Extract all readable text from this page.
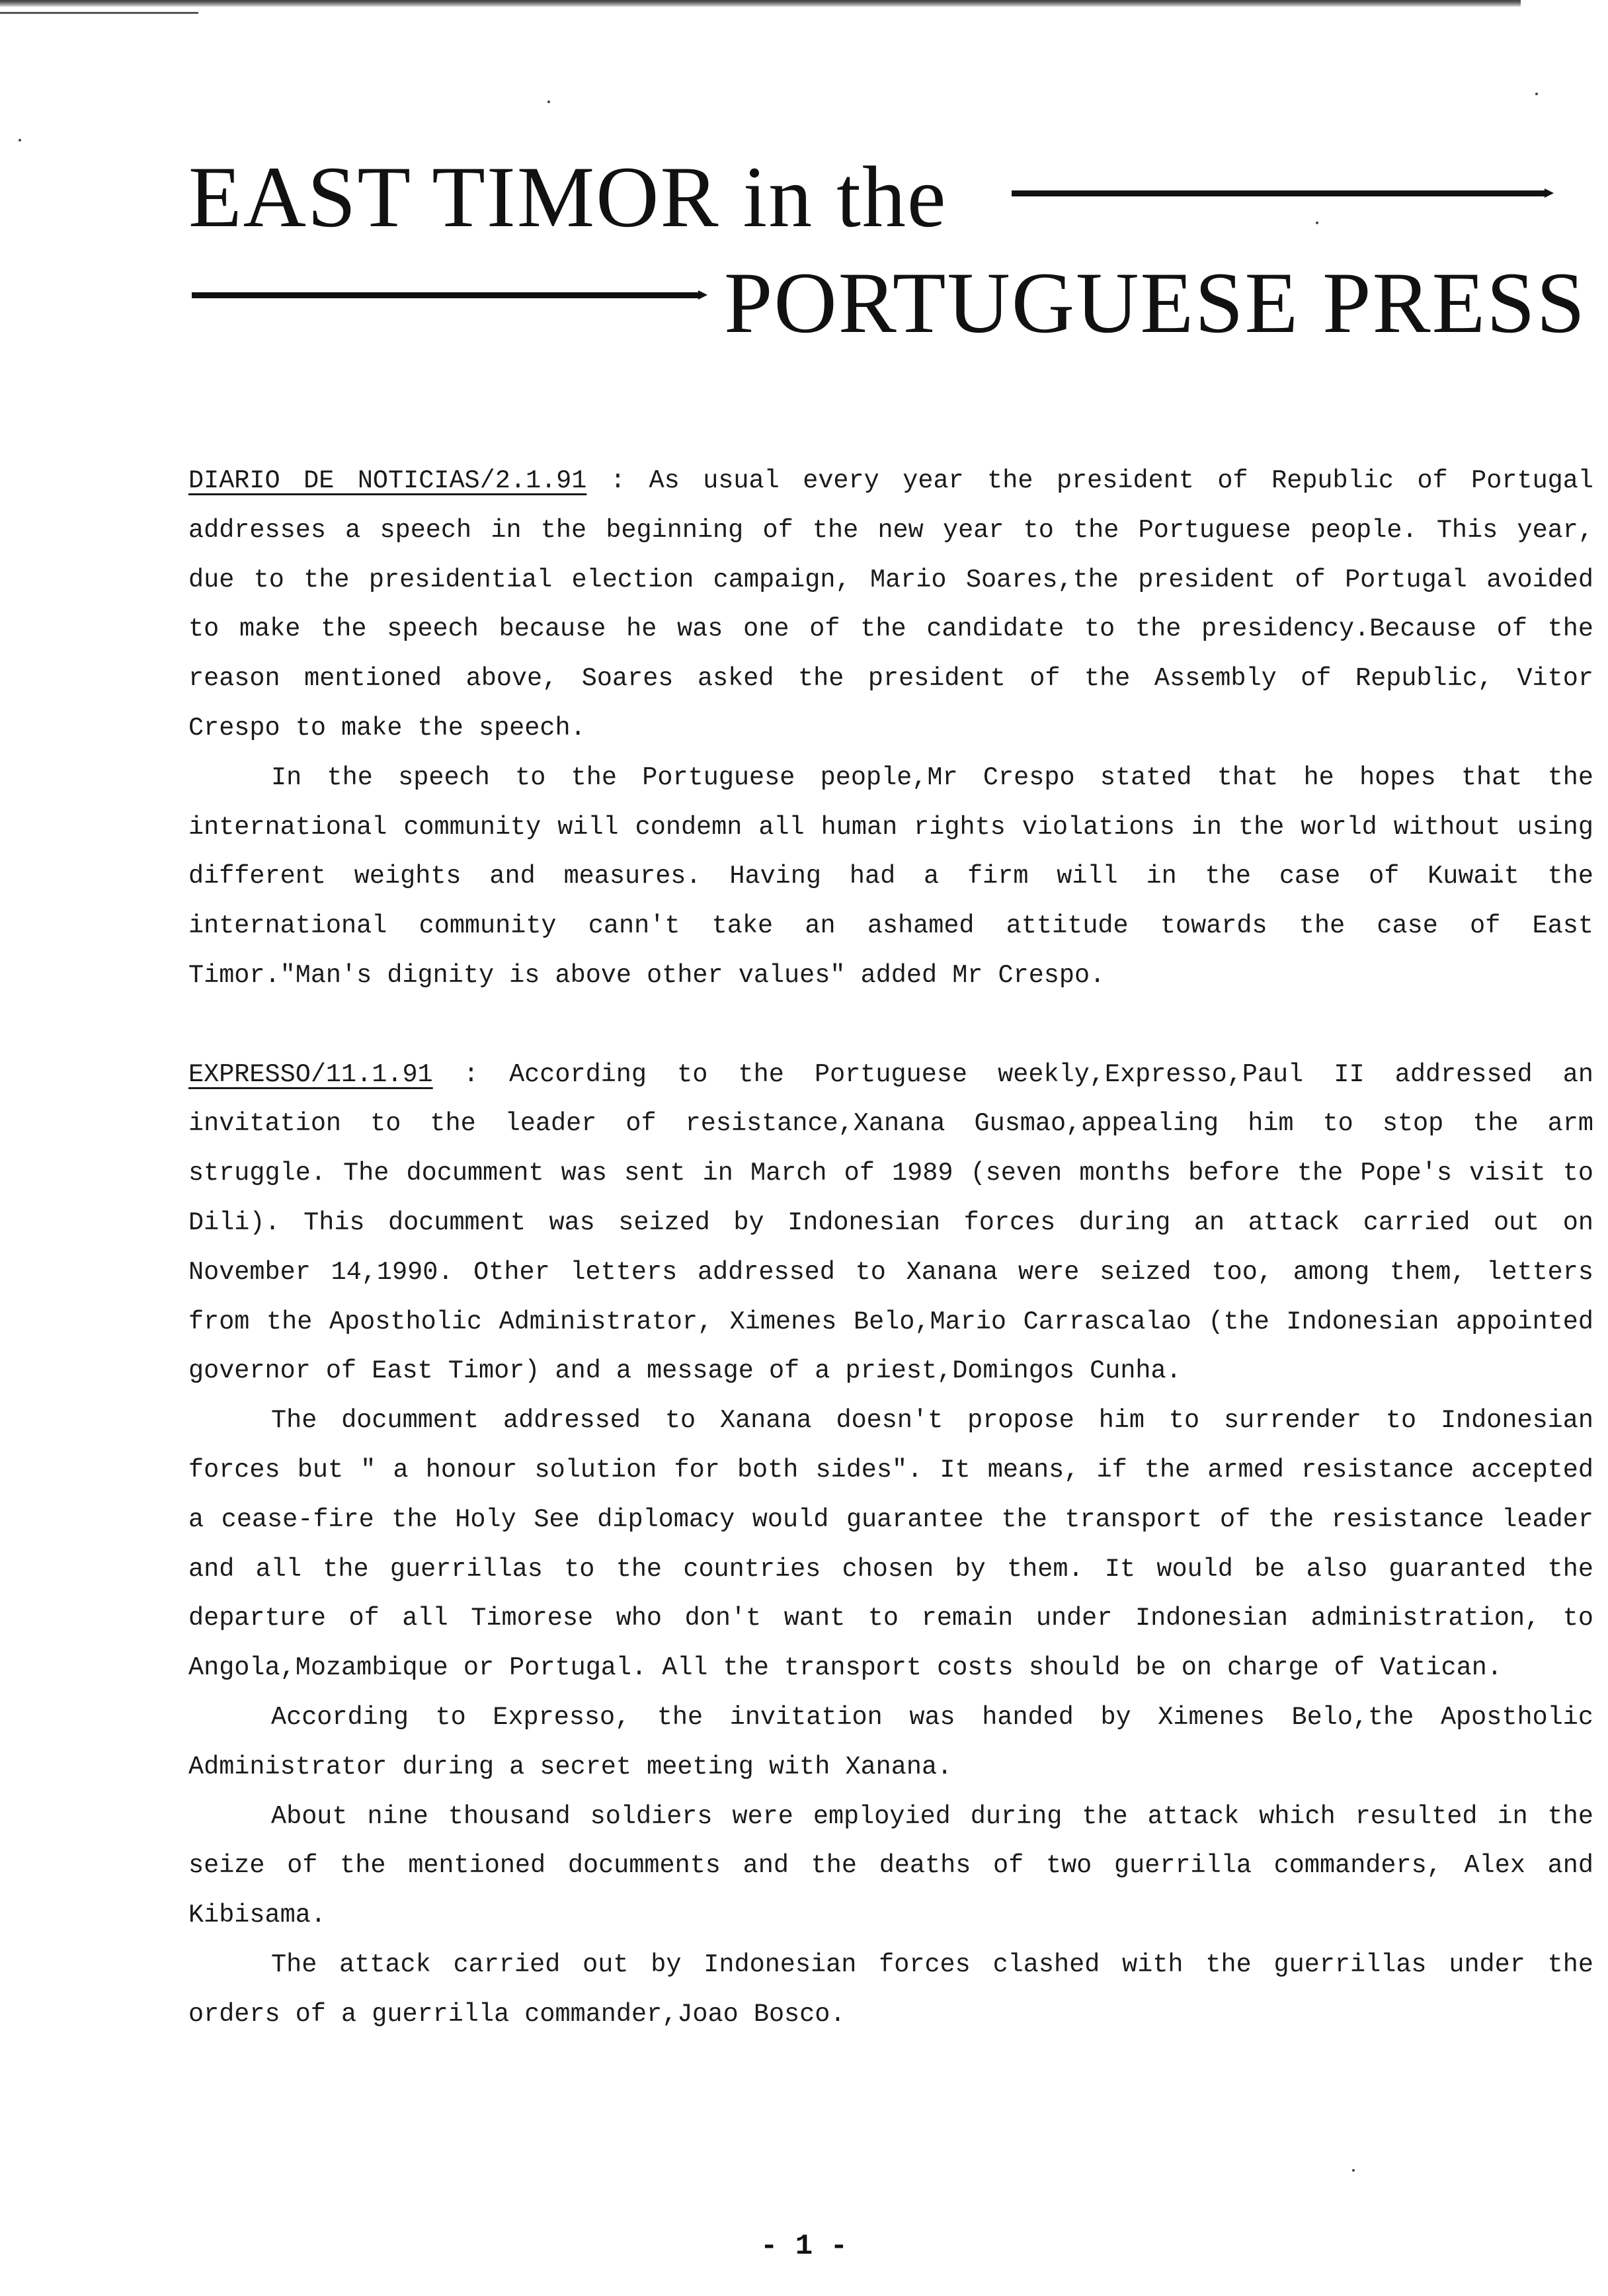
EAST TIMOR in the
PORTUGUESE PRESS

DIARIO DE NOTICIAS/2.1.91 : As usual every year the president of Republic of Portugal addresses a speech in the beginning of the new year to the Portuguese people. This year, due to the presidential election campaign, Mario Soares,the president of Portugal avoided to make the speech because he was one of the candidate to the presidency.Because of the reason mentioned above, Soares asked the president of the Assembly of Republic, Vitor Crespo to make the speech.

In the speech to the Portuguese people,Mr Crespo stated that he hopes that the international community will condemn all human rights violations in the world without using different weights and measures. Having had a firm will in the case of Kuwait the international community cann't take an ashamed attitude towards the case of East Timor."Man's dignity is above other values" added Mr Crespo.

EXPRESSO/11.1.91 : According to the Portuguese weekly,Expresso,Paul II addressed an invitation to the leader of resistance,Xanana Gusmao,appealing him to stop the arm struggle. The documment was sent in March of 1989 (seven months before the Pope's visit to Dili). This documment was seized by Indonesian forces during an attack carried out on November 14,1990. Other letters addressed to Xanana were seized too, among them, letters from the Apostholic Administrator, Ximenes Belo,Mario Carrascalao (the Indonesian appointed governor of East Timor) and a message of a priest,Domingos Cunha.

The documment addressed to Xanana doesn't propose him to surrender to Indonesian forces but " a honour solution for both sides". It means, if the armed resistance accepted a cease-fire the Holy See diplomacy would guarantee the transport of the resistance leader and all the guerrillas to the countries chosen by them. It would be also guaranted the departure of all Timorese who don't want to remain under Indonesian administration, to Angola,Mozambique or Portugal. All the transport costs should be on charge of Vatican.

According to Expresso, the invitation was handed by Ximenes Belo,the Apostholic Administrator during a secret meeting with Xanana.

About nine thousand soldiers were employied during the attack which resulted in the seize of the mentioned documments and the deaths of two guerrilla commanders, Alex and Kibisama.

The attack carried out by Indonesian forces clashed with the guerrillas under the orders of a guerrilla commander,Joao Bosco.

- 1 -
